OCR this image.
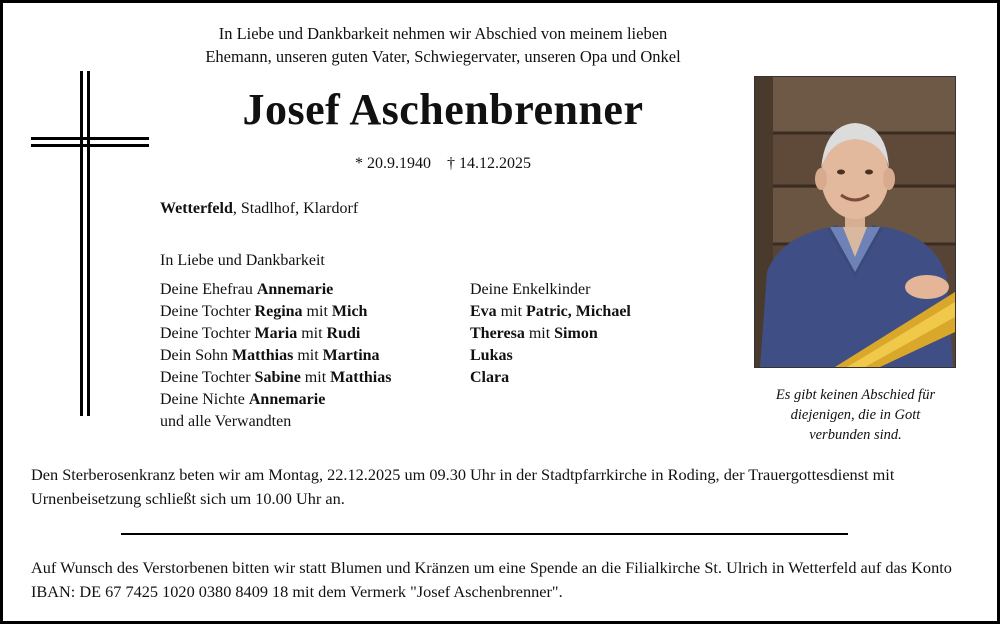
In Liebe und Dankbarkeit nehmen wir Abschied von meinem lieben
Ehemann, unseren guten Vater, Schwiegervater, unseren Opa und Onkel
Josef Aschenbrenner
* 20.9.1940 † 14.12.2025
Wetterfeld, Stadlhof, Klardorf
In Liebe und Dankbarkeit
Deine Ehefrau Annemarie
Deine Tochter Regina mit Mich
Deine Tochter Maria mit Rudi
Dein Sohn Matthias mit Martina
Deine Tochter Sabine mit Matthias
Deine Nichte Annemarie
und alle Verwandten
Deine Enkelkinder
Eva mit Patric, Michael
Theresa mit Simon
Lukas
Clara
Es gibt keinen Abschied für
diejenigen, die in Gott
verbunden sind.
Den Sterberosenkranz beten wir am Montag, 22.12.2025 um 09.30 Uhr in der Stadtpfarrkirche in Roding, der Trauergottesdienst mit Urnenbeisetzung schließt sich um 10.00 Uhr an.
Auf Wunsch des Verstorbenen bitten wir statt Blumen und Kränzen um eine Spende an die Filialkirche St. Ulrich in Wetterfeld auf das Konto IBAN: DE 67 7425 1020 0380 8409 18 mit dem Vermerk "Josef Aschenbrenner".
